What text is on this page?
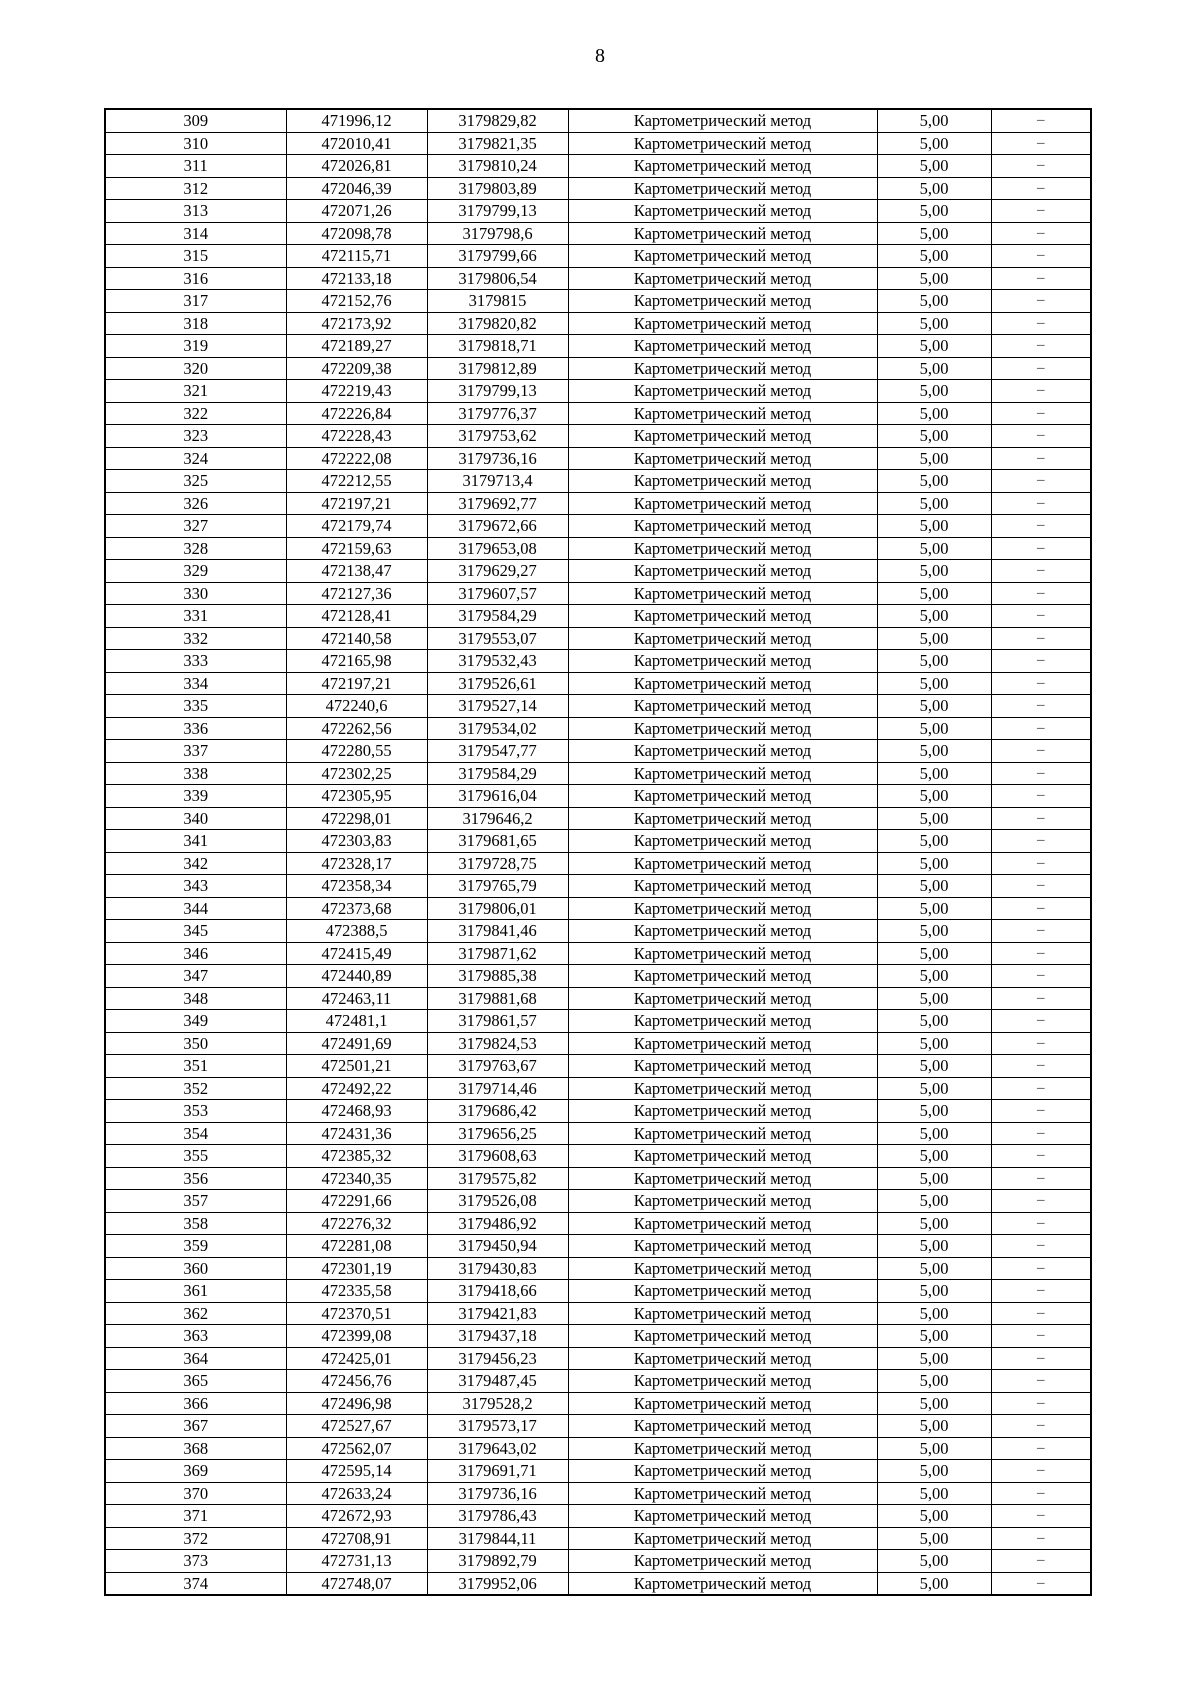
8
309	471996,12	3179829,82	Картометрический метод	5,00	–
310	472010,41	3179821,35	Картометрический метод	5,00	–
311	472026,81	3179810,24	Картометрический метод	5,00	–
312	472046,39	3179803,89	Картометрический метод	5,00	–
313	472071,26	3179799,13	Картометрический метод	5,00	–
314	472098,78	3179798,6	Картометрический метод	5,00	–
315	472115,71	3179799,66	Картометрический метод	5,00	–
316	472133,18	3179806,54	Картометрический метод	5,00	–
317	472152,76	3179815	Картометрический метод	5,00	–
318	472173,92	3179820,82	Картометрический метод	5,00	–
319	472189,27	3179818,71	Картометрический метод	5,00	–
320	472209,38	3179812,89	Картометрический метод	5,00	–
321	472219,43	3179799,13	Картометрический метод	5,00	–
322	472226,84	3179776,37	Картометрический метод	5,00	–
323	472228,43	3179753,62	Картометрический метод	5,00	–
324	472222,08	3179736,16	Картометрический метод	5,00	–
325	472212,55	3179713,4	Картометрический метод	5,00	–
326	472197,21	3179692,77	Картометрический метод	5,00	–
327	472179,74	3179672,66	Картометрический метод	5,00	–
328	472159,63	3179653,08	Картометрический метод	5,00	–
329	472138,47	3179629,27	Картометрический метод	5,00	–
330	472127,36	3179607,57	Картометрический метод	5,00	–
331	472128,41	3179584,29	Картометрический метод	5,00	–
332	472140,58	3179553,07	Картометрический метод	5,00	–
333	472165,98	3179532,43	Картометрический метод	5,00	–
334	472197,21	3179526,61	Картометрический метод	5,00	–
335	472240,6	3179527,14	Картометрический метод	5,00	–
336	472262,56	3179534,02	Картометрический метод	5,00	–
337	472280,55	3179547,77	Картометрический метод	5,00	–
338	472302,25	3179584,29	Картометрический метод	5,00	–
339	472305,95	3179616,04	Картометрический метод	5,00	–
340	472298,01	3179646,2	Картометрический метод	5,00	–
341	472303,83	3179681,65	Картометрический метод	5,00	–
342	472328,17	3179728,75	Картометрический метод	5,00	–
343	472358,34	3179765,79	Картометрический метод	5,00	–
344	472373,68	3179806,01	Картометрический метод	5,00	–
345	472388,5	3179841,46	Картометрический метод	5,00	–
346	472415,49	3179871,62	Картометрический метод	5,00	–
347	472440,89	3179885,38	Картометрический метод	5,00	–
348	472463,11	3179881,68	Картометрический метод	5,00	–
349	472481,1	3179861,57	Картометрический метод	5,00	–
350	472491,69	3179824,53	Картометрический метод	5,00	–
351	472501,21	3179763,67	Картометрический метод	5,00	–
352	472492,22	3179714,46	Картометрический метод	5,00	–
353	472468,93	3179686,42	Картометрический метод	5,00	–
354	472431,36	3179656,25	Картометрический метод	5,00	–
355	472385,32	3179608,63	Картометрический метод	5,00	–
356	472340,35	3179575,82	Картометрический метод	5,00	–
357	472291,66	3179526,08	Картометрический метод	5,00	–
358	472276,32	3179486,92	Картометрический метод	5,00	–
359	472281,08	3179450,94	Картометрический метод	5,00	–
360	472301,19	3179430,83	Картометрический метод	5,00	–
361	472335,58	3179418,66	Картометрический метод	5,00	–
362	472370,51	3179421,83	Картометрический метод	5,00	–
363	472399,08	3179437,18	Картометрический метод	5,00	–
364	472425,01	3179456,23	Картометрический метод	5,00	–
365	472456,76	3179487,45	Картометрический метод	5,00	–
366	472496,98	3179528,2	Картометрический метод	5,00	–
367	472527,67	3179573,17	Картометрический метод	5,00	–
368	472562,07	3179643,02	Картометрический метод	5,00	–
369	472595,14	3179691,71	Картометрический метод	5,00	–
370	472633,24	3179736,16	Картометрический метод	5,00	–
371	472672,93	3179786,43	Картометрический метод	5,00	–
372	472708,91	3179844,11	Картометрический метод	5,00	–
373	472731,13	3179892,79	Картометрический метод	5,00	–
374	472748,07	3179952,06	Картометрический метод	5,00	–
